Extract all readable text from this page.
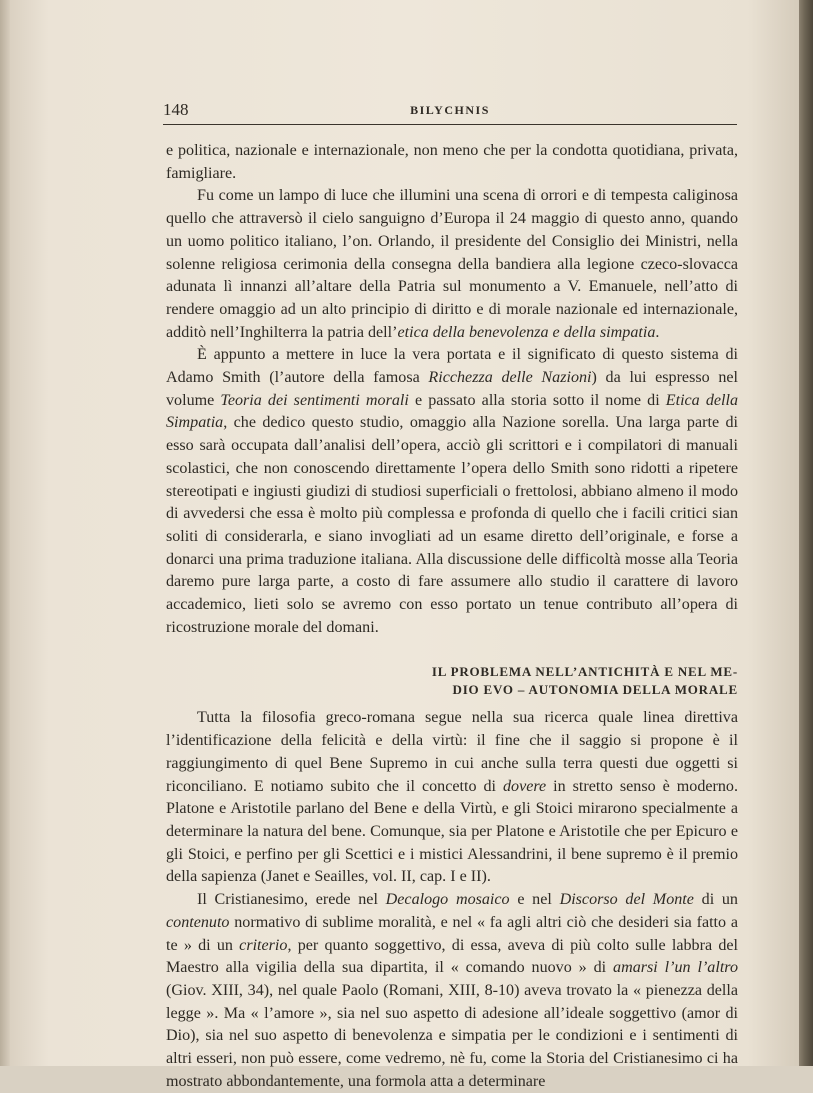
148	BILYCHNIS

e politica, nazionale e internazionale, non meno che per la condotta quotidiana, privata, famigliare.

Fu come un lampo di luce che illumini una scena di orrori e di tempesta caliginosa quello che attraversò il cielo sanguigno d’Europa il 24 maggio di questo anno, quando un uomo politico italiano, l’on. Orlando, il presidente del Consiglio dei Ministri, nella solenne religiosa cerimonia della consegna della bandiera alla legione czeco-slovacca adunata lì innanzi all’altare della Patria sul monumento a V. Emanuele, nell’atto di rendere omaggio ad un alto principio di diritto e di morale nazionale ed internazionale, additò nell’Inghilterra la patria dell’etica della benevolenza e della simpatia.

È appunto a mettere in luce la vera portata e il significato di questo sistema di Adamo Smith (l’autore della famosa Ricchezza delle Nazioni) da lui espresso nel volume Teoria dei sentimenti morali e passato alla storia sotto il nome di Etica della Simpatia, che dedico questo studio, omaggio alla Nazione sorella. Una larga parte di esso sarà occupata dall’analisi dell’opera, acciò gli scrittori e i compilatori di manuali scolastici, che non conoscendo direttamente l’opera dello Smith sono ridotti a ripetere stereotipati e ingiusti giudizi di studiosi superficiali o frettolosi, abbiano almeno il modo di avvedersi che essa è molto più complessa e profonda di quello che i facili critici sian soliti di considerarla, e siano invogliati ad un esame diretto dell’originale, e forse a donarci una prima traduzione italiana. Alla discussione delle difficoltà mosse alla Teoria daremo pure larga parte, a costo di fare assumere allo studio il carattere di lavoro accademico, lieti solo se avremo con esso portato un tenue contributo all’opera di ricostruzione morale del domani.

IL PROBLEMA NELL’ANTICHITÀ E NEL ME-
DIO EVO – AUTONOMIA DELLA MORALE

Tutta la filosofia greco-romana segue nella sua ricerca quale linea direttiva l’identificazione della felicità e della virtù: il fine che il saggio si propone è il raggiungimento di quel Bene Supremo in cui anche sulla terra questi due oggetti si riconciliano. E notiamo subito che il concetto di dovere in stretto senso è moderno. Platone e Aristotile parlano del Bene e della Virtù, e gli Stoici mirarono specialmente a determinare la natura del bene. Comunque, sia per Platone e Aristotile che per Epicuro e gli Stoici, e perfino per gli Scettici e i mistici Alessandrini, il bene supremo è il premio della sapienza (Janet e Seailles, vol. II, cap. I e II).

Il Cristianesimo, erede nel Decalogo mosaico e nel Discorso del Monte di un contenuto normativo di sublime moralità, e nel « fa agli altri ciò che desideri sia fatto a te » di un criterio, per quanto soggettivo, di essa, aveva di più colto sulle labbra del Maestro alla vigilia della sua dipartita, il « comando nuovo » di amarsi l’un l’altro (Giov. XIII, 34), nel quale Paolo (Romani, XIII, 8-10) aveva trovato la « pienezza della legge ». Ma « l’amore », sia nel suo aspetto di adesione all’ideale soggettivo (amor di Dio), sia nel suo aspetto di benevolenza e simpatia per le condizioni e i sentimenti di altri esseri, non può essere, come vedremo, nè fu, come la Storia del Cristianesimo ci ha mostrato abbondantemente, una formola atta a determinare
